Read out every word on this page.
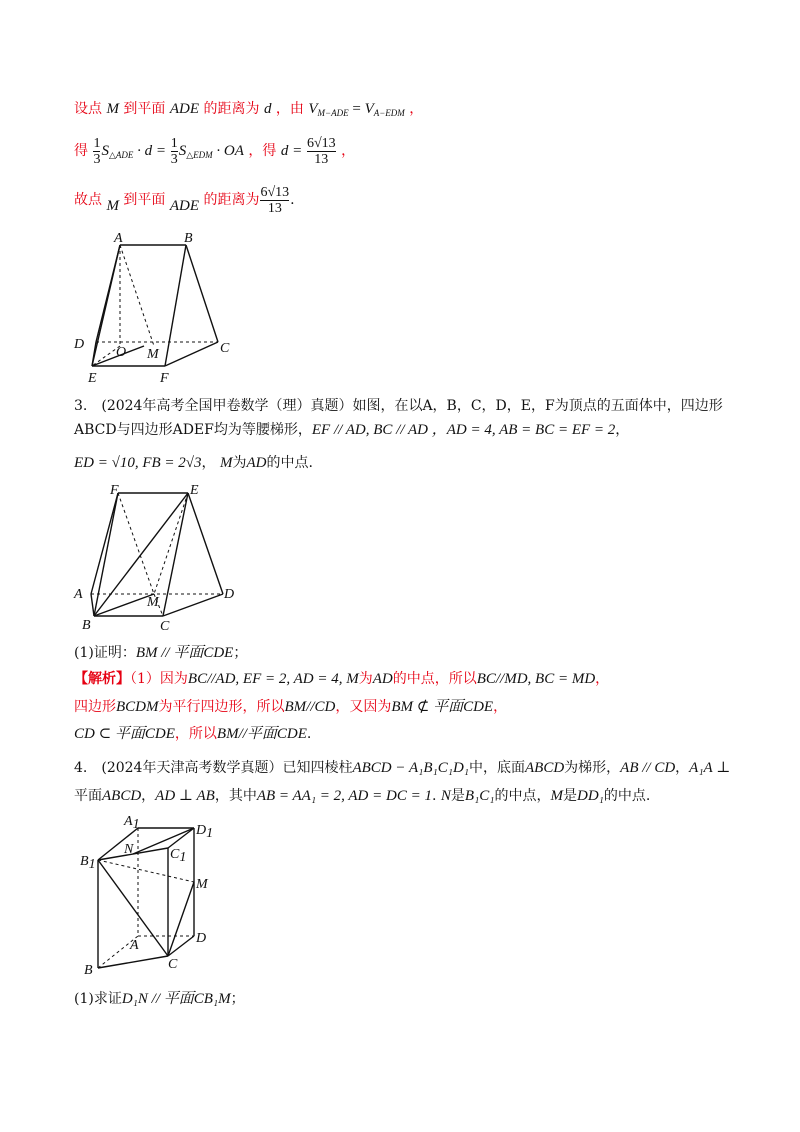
设点 M 到平面 ADE 的距离为 d ，由 $V_{M-ADE} = V_{A-EDM}$ ，
得 $\frac{1}{3} S_{\triangle ADE} \cdot d = \frac{1}{3} S_{\triangle EDM}$ · OA ，得 $d = \frac{6√13}{13}$ ，
故点 M 到平面 ADE 的距离为 $\frac{6√13}{13}$ .
A	B
D
O M	C
E	F
3.　(2024年高考全国甲卷数学（理）真题）如图，在以A，B，C，D，E，F为顶点的五面体中，四边形
ABCD与四边形ADEF均为等腰梯形，EF // AD, BC // AD ，AD = 4, AB = BC = EF = 2，
ED = √10, FB = 2√3， M为AD的中点.
F	E
A
M
D
B	C
(1)证明：BM // 平面CDE；
【解析】（1）因为BC//AD, EF = 2, AD = 4, M为AD的中点，所以BC//MD, BC = MD，
四边形BCDM为平行四边形，所以BM//CD，又因为BM ⊄ 平面CDE，
CD ⊂ 平面CDE，所以BM//平面CDE.
4.　(2024年天津高考数学真题）已知四棱柱ABCD − A₁B₁C₁D₁中，底面ABCD为梯形，AB // CD，A₁A ⊥
平面ABCD，AD ⊥ AB，其中AB = AA₁ = 2, AD = DC = 1. N是B₁C₁的中点，M是DD₁的中点.
A1	D1
N	C1
B1
M
A	D
C
B
(1)求证D₁N // 平面CB₁M；
